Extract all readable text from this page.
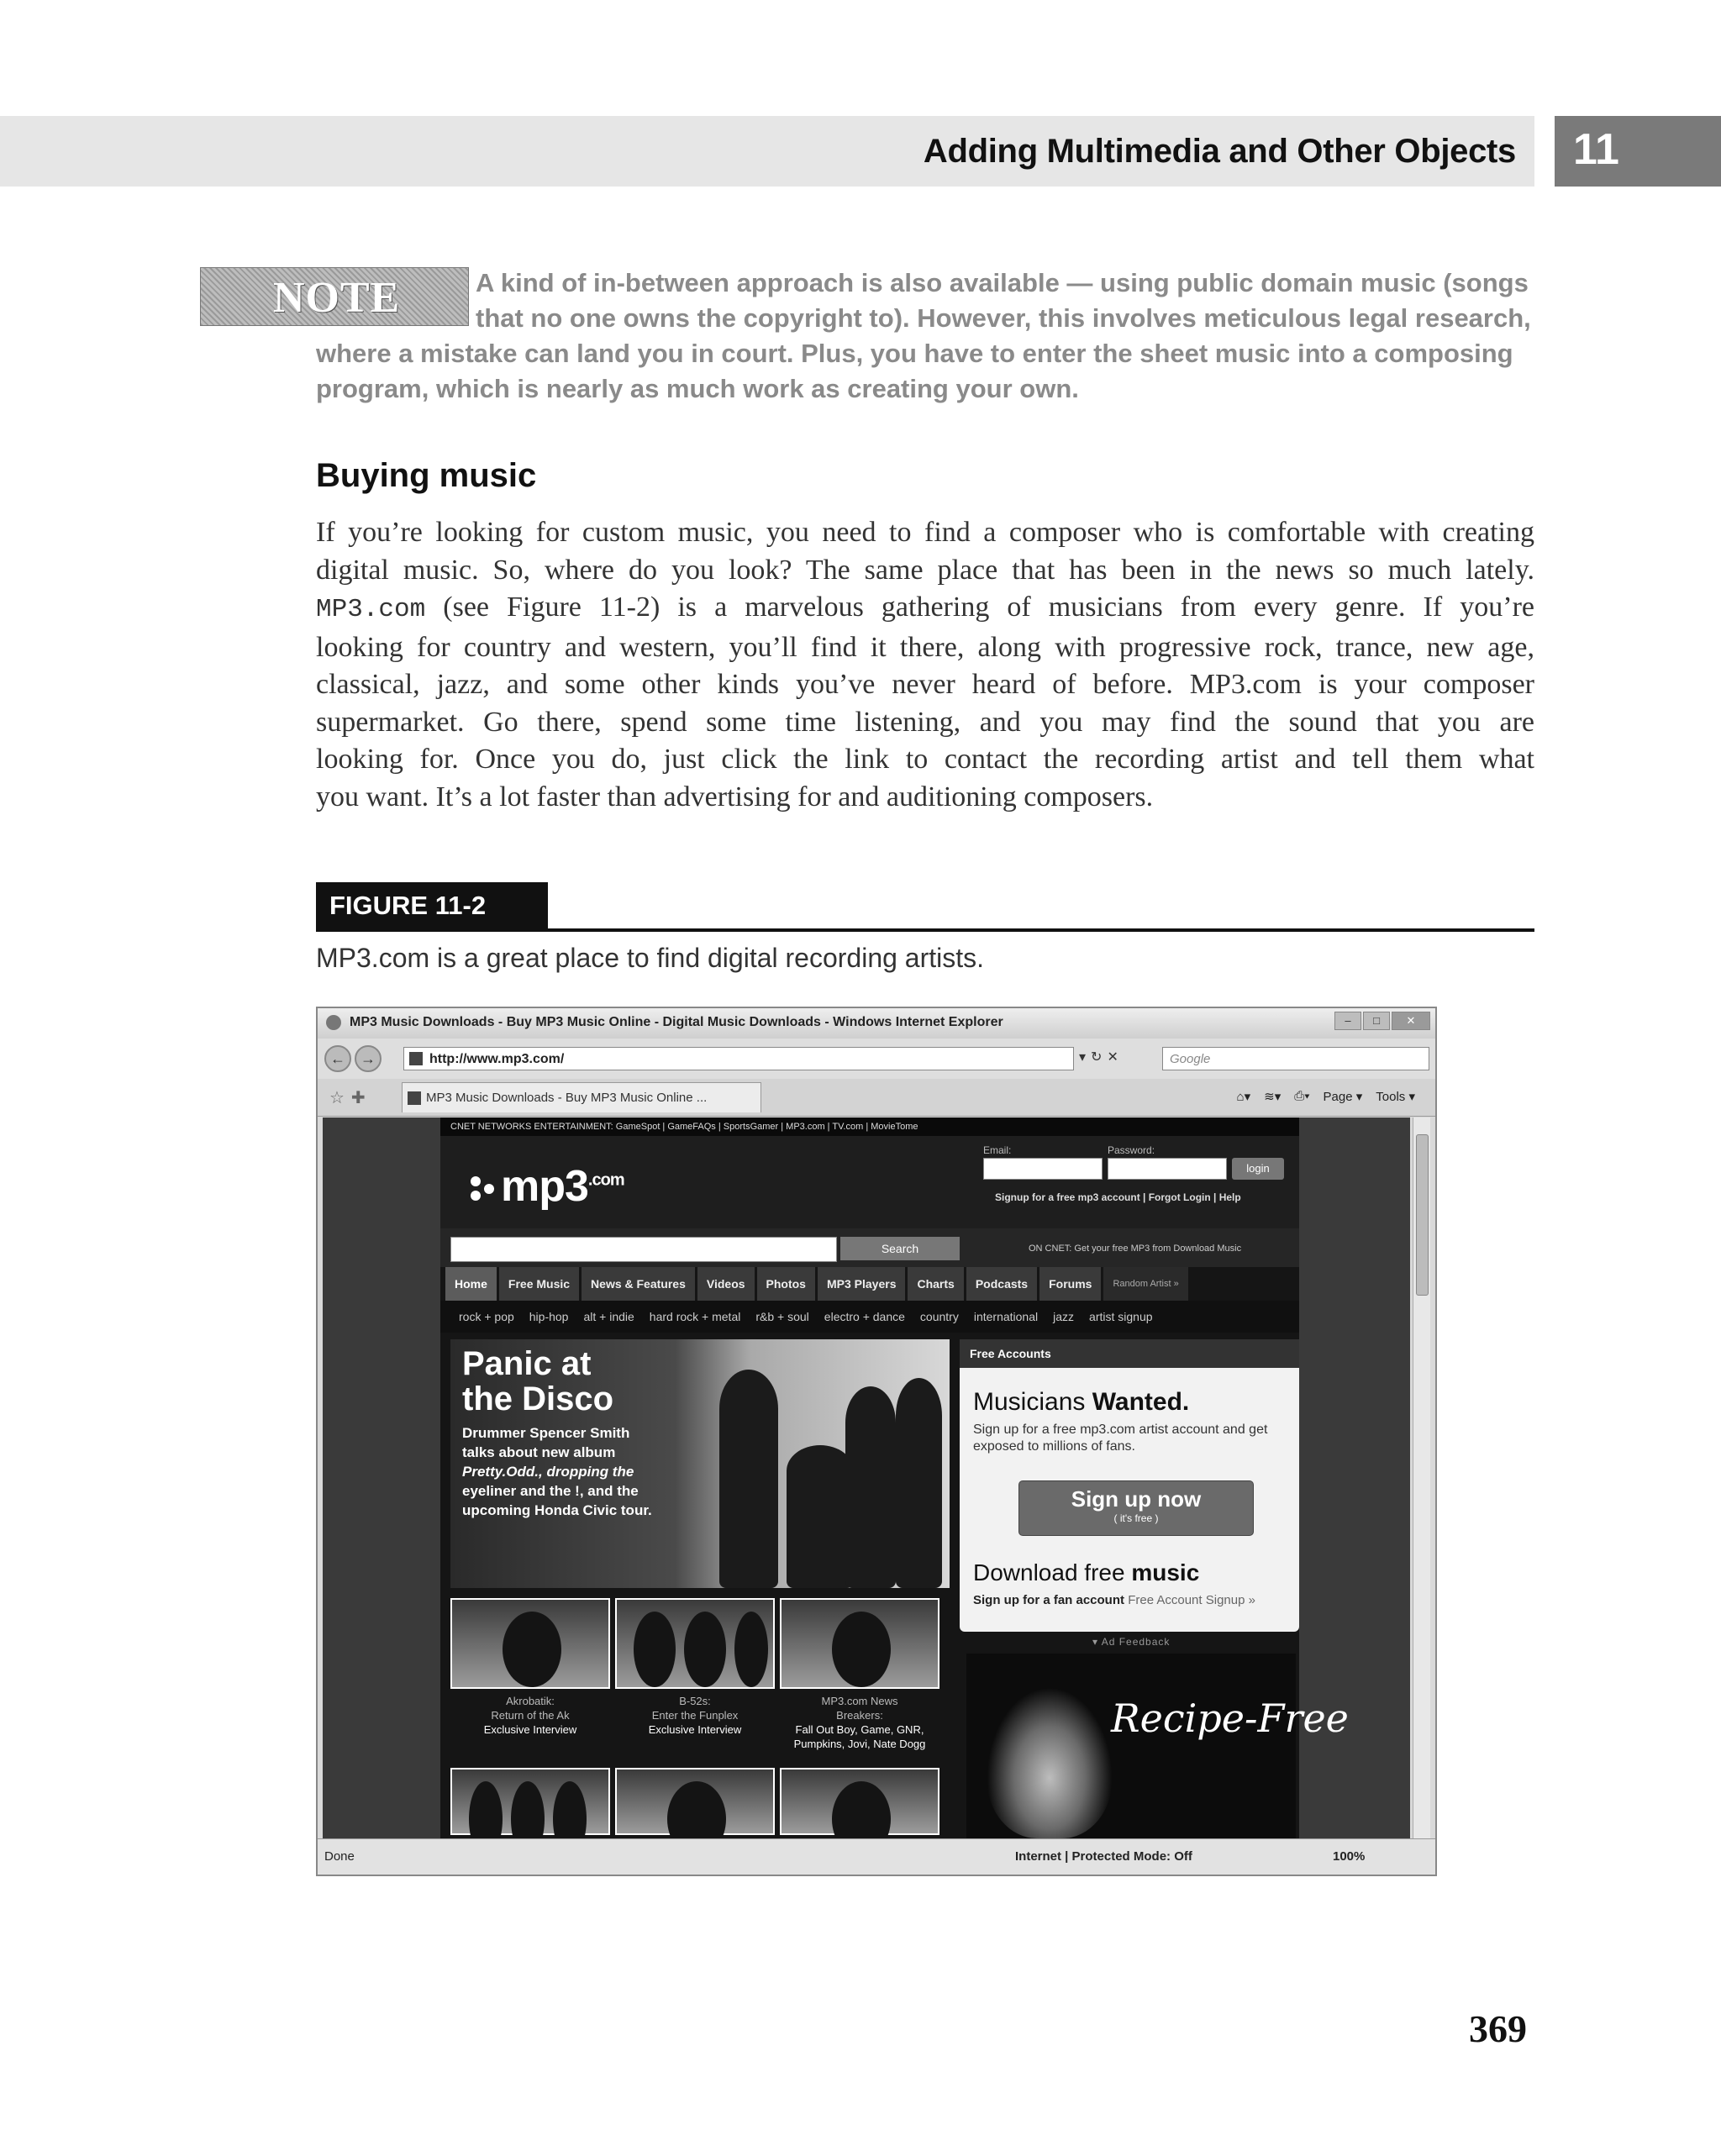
Adding Multimedia and Other Objects 11
NOTE	A kind of in-between approach is also available — using public domain music (songs
that no one owns the copyright to). However, this involves meticulous legal research,
where a mistake can land you in court. Plus, you have to enter the sheet music into a composing
program, which is nearly as much work as creating your own.
Buying music
If you’re looking for custom music, you need to find a composer who is comfortable with creating
digital music. So, where do you look? The same place that has been in the news so much lately.
MP3.com (see Figure 11-2) is a marvelous gathering of musicians from every genre. If you’re
looking for country and western, you’ll find it there, along with progressive rock, trance, new age,
classical, jazz, and some other kinds you’ve never heard of before. MP3.com is your composer
supermarket. Go there, spend some time listening, and you may find the sound that you are
looking for. Once you do, just click the link to contact the recording artist and tell them what
you want. It’s a lot faster than advertising for and auditioning composers.
FIGURE 11-2
MP3.com is a great place to find digital recording artists.
MP3 Music Downloads - Buy MP3 Music Online - Digital Music Downloads - Windows Internet Explorer	–	□	✕
←	→	http://www.mp3.com/	▾↻✕	Google
☆✚	MP3 Music Downloads - Buy MP3 Music Online ...	⌂▾ ≋▾ ⎙▾ Page ▾ Tools ▾
CNET NETWORKS ENTERTAINMENT: GameSpot | GameFAQs | SportsGamer | MP3.com | TV.com | MovieTome
$mp3^{.com}$
Email:	Password:
login
Signup for a free mp3 account | Forgot Login | Help
Search	ON CNET: Get your free MP3 from Download Music
Home	Free Music	News & Features	Videos	Photos	MP3 Players	Charts	Podcasts	Forums	Random Artist »
rock + pop hip-hop alt + indie hard rock + metal r&b + soul electro + dance country international jazz artist signup
Panic at
the Disco
Drummer Spencer Smith
talks about new album
Pretty.Odd., dropping the
eyeliner and the !, and the
upcoming Honda Civic tour.
Akrobatik:
Return of the Ak
Exclusive Interview
B-52s:
Enter the Funplex
Exclusive Interview
MP3.com News
Breakers:
Fall Out Boy, Game, GNR, Pumpkins, Jovi, Nate Dogg
Free Accounts
Musicians Wanted.
Sign up for a free mp3.com artist account and get exposed to millions of fans.
Sign up now
( it's free )
Download free music
Sign up for a fan account Free Account Signup »
▾ Ad Feedback
Recipe-Free
Done	Internet | Protected Mode: Off	100%
369
